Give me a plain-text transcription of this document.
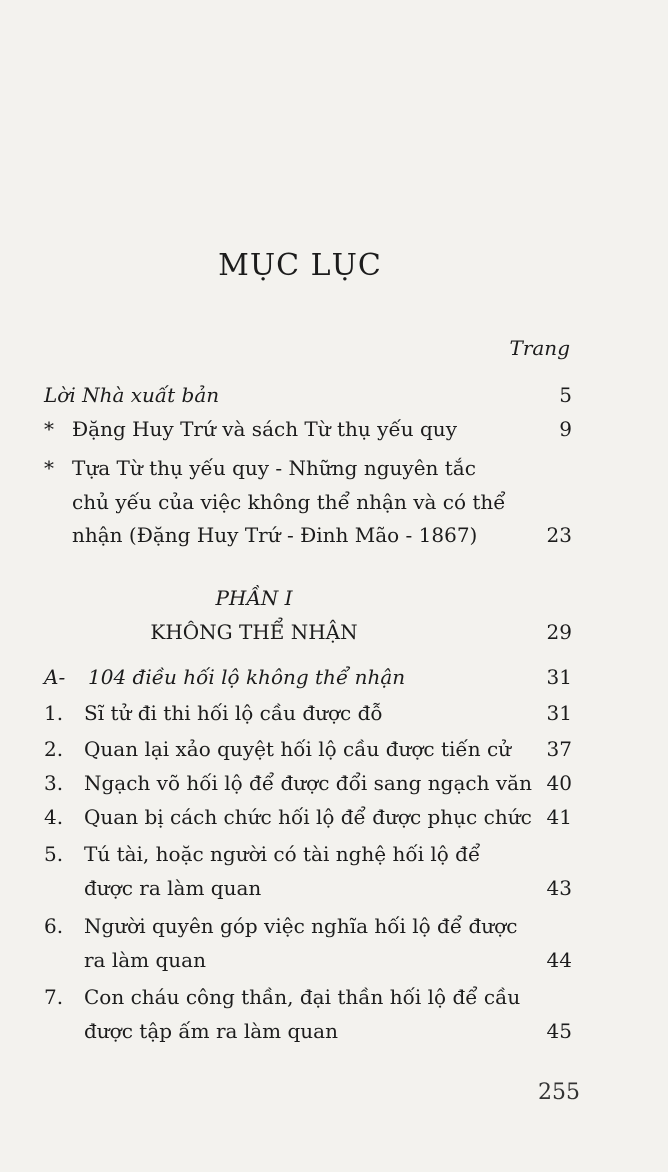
MỤC LỤC
Trang
Lời Nhà xuất bản	5
* Đặng Huy Trứ và sách Từ thụ yếu quy	9
* Tựa Từ thụ yếu quy - Những nguyên tắc
chủ yếu của việc không thể nhận và có thể
nhận (Đặng Huy Trứ - Đinh Mão - 1867)	23
PHẦN I
KHÔNG THỂ NHẬN	29
A- 104 điều hối lộ không thể nhận	31
1. Sĩ tử đi thi hối lộ cầu được đỗ	31
2. Quan lại xảo quyệt hối lộ cầu được tiến cử 37
3. Ngạch võ hối lộ để được đổi sang ngạch văn 40
4. Quan bị cách chức hối lộ để được phục chức 41
5. Tú tài, hoặc người có tài nghệ hối lộ để
được ra làm quan	43
6. Người quyên góp việc nghĩa hối lộ để được
ra làm quan	44
7. Con cháu công thần, đại thần hối lộ để cầu
được tập ấm ra làm quan	45
255
